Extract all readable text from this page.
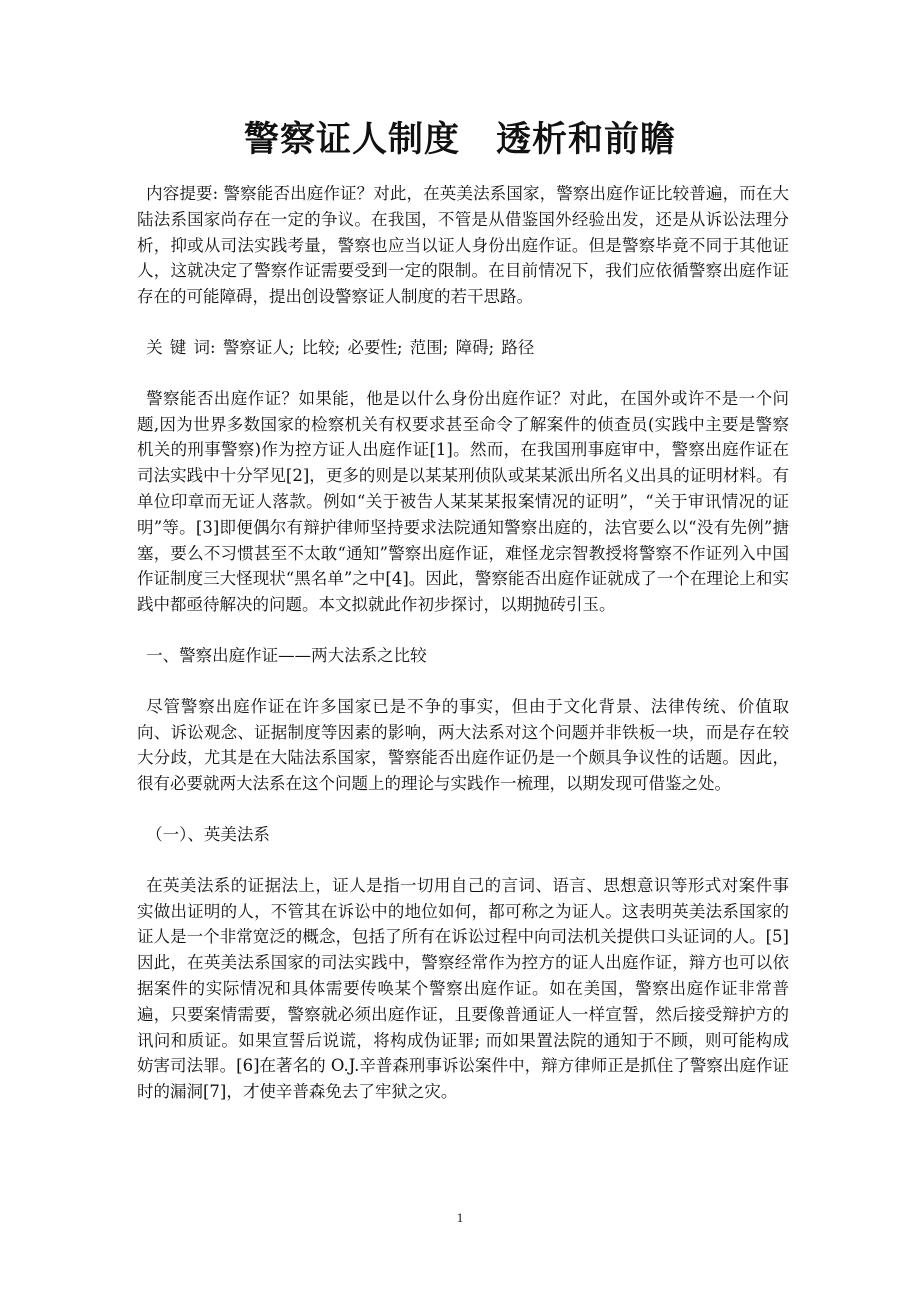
警察证人制度　透析和前瞻

内容提要: 警察能否出庭作证？对此，在英美法系国家，警察出庭作证比较普遍，而在大陆法系国家尚存在一定的争议。在我国，不管是从借鉴国外经验出发，还是从诉讼法理分析，抑或从司法实践考量，警察也应当以证人身份出庭作证。但是警察毕竟不同于其他证人，这就决定了警察作证需要受到一定的限制。在目前情况下，我们应依循警察出庭作证存在的可能障碍，提出创设警察证人制度的若干思路。

关 键 词: 警察证人; 比较; 必要性; 范围; 障碍; 路径

警察能否出庭作证？如果能，他是以什么身份出庭作证？对此，在国外或许不是一个问题,因为世界多数国家的检察机关有权要求甚至命令了解案件的侦查员(实践中主要是警察机关的刑事警察)作为控方证人出庭作证[1]。然而，在我国刑事庭审中，警察出庭作证在司法实践中十分罕见[2]，更多的则是以某某刑侦队或某某派出所名义出具的证明材料。有单位印章而无证人落款。例如“关于被告人某某某报案情况的证明”，“关于审讯情况的证明”等。[3]即便偶尔有辩护律师坚持要求法院通知警察出庭的，法官要么以“没有先例”搪塞，要么不习惯甚至不太敢“通知”警察出庭作证，难怪龙宗智教授将警察不作证列入中国作证制度三大怪现状“黑名单”之中[4]。因此，警察能否出庭作证就成了一个在理论上和实践中都亟待解决的问题。本文拟就此作初步探讨，以期抛砖引玉。

一、警察出庭作证——两大法系之比较

尽管警察出庭作证在许多国家已是不争的事实，但由于文化背景、法律传统、价值取向、诉讼观念、证据制度等因素的影响，两大法系对这个问题并非铁板一块，而是存在较大分歧，尤其是在大陆法系国家，警察能否出庭作证仍是一个颇具争议性的话题。因此，很有必要就两大法系在这个问题上的理论与实践作一梳理，以期发现可借鉴之处。

（一）、英美法系

在英美法系的证据法上，证人是指一切用自己的言词、语言、思想意识等形式对案件事实做出证明的人，不管其在诉讼中的地位如何，都可称之为证人。这表明英美法系国家的证人是一个非常宽泛的概念，包括了所有在诉讼过程中向司法机关提供口头证词的人。[5]因此，在英美法系国家的司法实践中，警察经常作为控方的证人出庭作证，辩方也可以依据案件的实际情况和具体需要传唤某个警察出庭作证。如在美国，警察出庭作证非常普遍，只要案情需要，警察就必须出庭作证，且要像普通证人一样宣誓，然后接受辩护方的讯问和质证。如果宣誓后说谎，将构成伪证罪; 而如果置法院的通知于不顾，则可能构成妨害司法罪。[6]在著名的 O.J.辛普森刑事诉讼案件中，辩方律师正是抓住了警察出庭作证时的漏洞[7]，才使辛普森免去了牢狱之灾。

1
